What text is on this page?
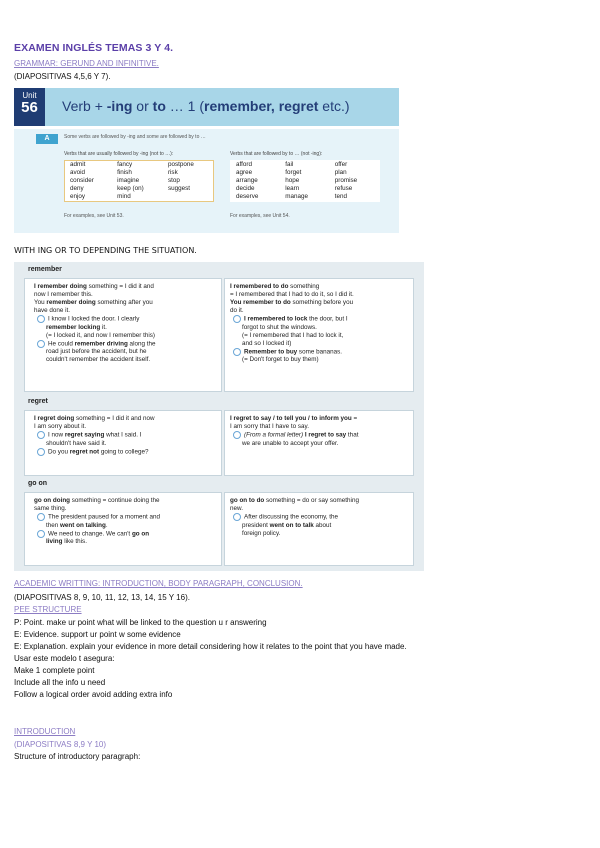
EXAMEN INGLÉS TEMAS 3 Y 4.
GRAMMAR: GERUND AND INFINITIVE.
(DIAPOSITIVAS 4,5,6 Y 7).
Unit
56	Verb + -ing or to … 1 (remember, regret etc.)
A	Some verbs are followed by -ing and some are followed by to …
Verbs that are usually followed by -ing (not to …):	Verbs that are followed by to … (not -ing):
admit	fancy	postpone
avoid	finish	risk
consider	imagine	stop
deny	keep (on)	suggest
enjoy	mind	
afford	fail	offer
agree	forget	plan
arrange	hope	promise
decide	learn	refuse
deserve	manage	tend
For examples, see Unit 53.	For examples, see Unit 54.
WITH ING OR TO DEPENDING THE SITUATION.
remember
I remember doing something = I did it and
now I remember this.
You remember doing something after you
have done it.
I know I locked the door. I clearly
remember locking it.
(= I locked it, and now I remember this)
He could remember driving along the
road just before the accident, but he
couldn't remember the accident itself.
I remembered to do something
= I remembered that I had to do it, so I did it.
You remember to do something before you
do it.
I remembered to lock the door, but I
forgot to shut the windows.
(= I remembered that I had to lock it,
and so I locked it)
Remember to buy some bananas.
(= Don't forget to buy them)
regret
I regret doing something = I did it and now
I am sorry about it.
I now regret saying what I said. I
shouldn't have said it.
Do you regret not going to college?
I regret to say / to tell you / to inform you =
I am sorry that I have to say.
(From a formal letter) I regret to say that
we are unable to accept your offer.
go on
go on doing something = continue doing the
same thing.
The president paused for a moment and
then went on talking.
We need to change. We can't go on
living like this.
go on to do something = do or say something
new.
After discussing the economy, the
president went on to talk about
foreign policy.
ACADEMIC WRITTING: INTRODUCTION, BODY PARAGRAPH, CONCLUSION.
(DIAPOSITIVAS 8, 9, 10, 11, 12, 13, 14, 15 Y 16).
PEE STRUCTURE
P: Point. make ur point what will be linked to the question u r answering
E: Evidence. support ur point w some evidence
E: Explanation. explain your evidence in more detail considering how it relates to the point that you have made.
Usar este modelo t asegura:
Make 1 complete point
Include all the info u need
Follow a logical order avoid adding extra info
INTRODUCTION
(DIAPOSITIVAS 8,9 Y 10)
Structure of introductory paragraph:
